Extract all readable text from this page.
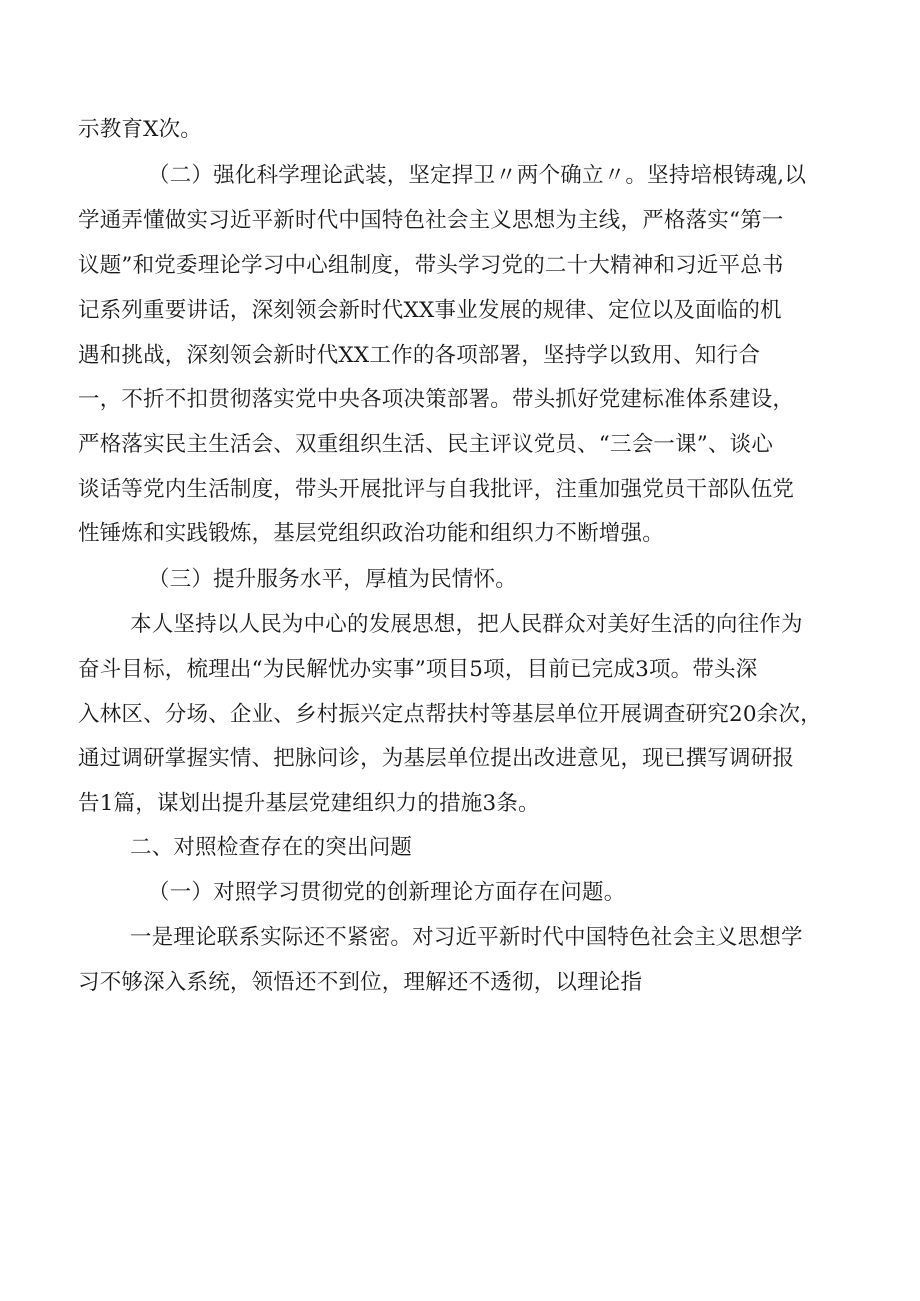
示教育X次。
（二）强化科学理论武装，坚定捍卫〃两个确立〃。坚持培根铸魂,以
学通弄懂做实习近平新时代中国特色社会主义思想为主线，严格落实“第一
议题”和党委理论学习中心组制度，带头学习党的二十大精神和习近平总书
记系列重要讲话，深刻领会新时代XX事业发展的规律、定位以及面临的机
遇和挑战，深刻领会新时代XX工作的各项部署，坚持学以致用、知行合
一，不折不扣贯彻落实党中央各项决策部署。带头抓好党建标准体系建设，
严格落实民主生活会、双重组织生活、民主评议党员、“三会一课”、谈心
谈话等党内生活制度，带头开展批评与自我批评，注重加强党员干部队伍党
性锤炼和实践锻炼，基层党组织政治功能和组织力不断增强。
（三）提升服务水平，厚植为民情怀。
本人坚持以人民为中心的发展思想，把人民群众对美好生活的向往作为
奋斗目标，梳理出“为民解忧办实事”项目5项，目前已完成3项。带头深
入林区、分场、企业、乡村振兴定点帮扶村等基层单位开展调查研究20余次，
通过调研掌握实情、把脉问诊，为基层单位提出改进意见，现已撰写调研报
告1篇，谋划出提升基层党建组织力的措施3条。
二、对照检查存在的突出问题
（一）对照学习贯彻党的创新理论方面存在问题。
一是理论联系实际还不紧密。对习近平新时代中国特色社会主义思想学
习不够深入系统，领悟还不到位，理解还不透彻，以理论指
